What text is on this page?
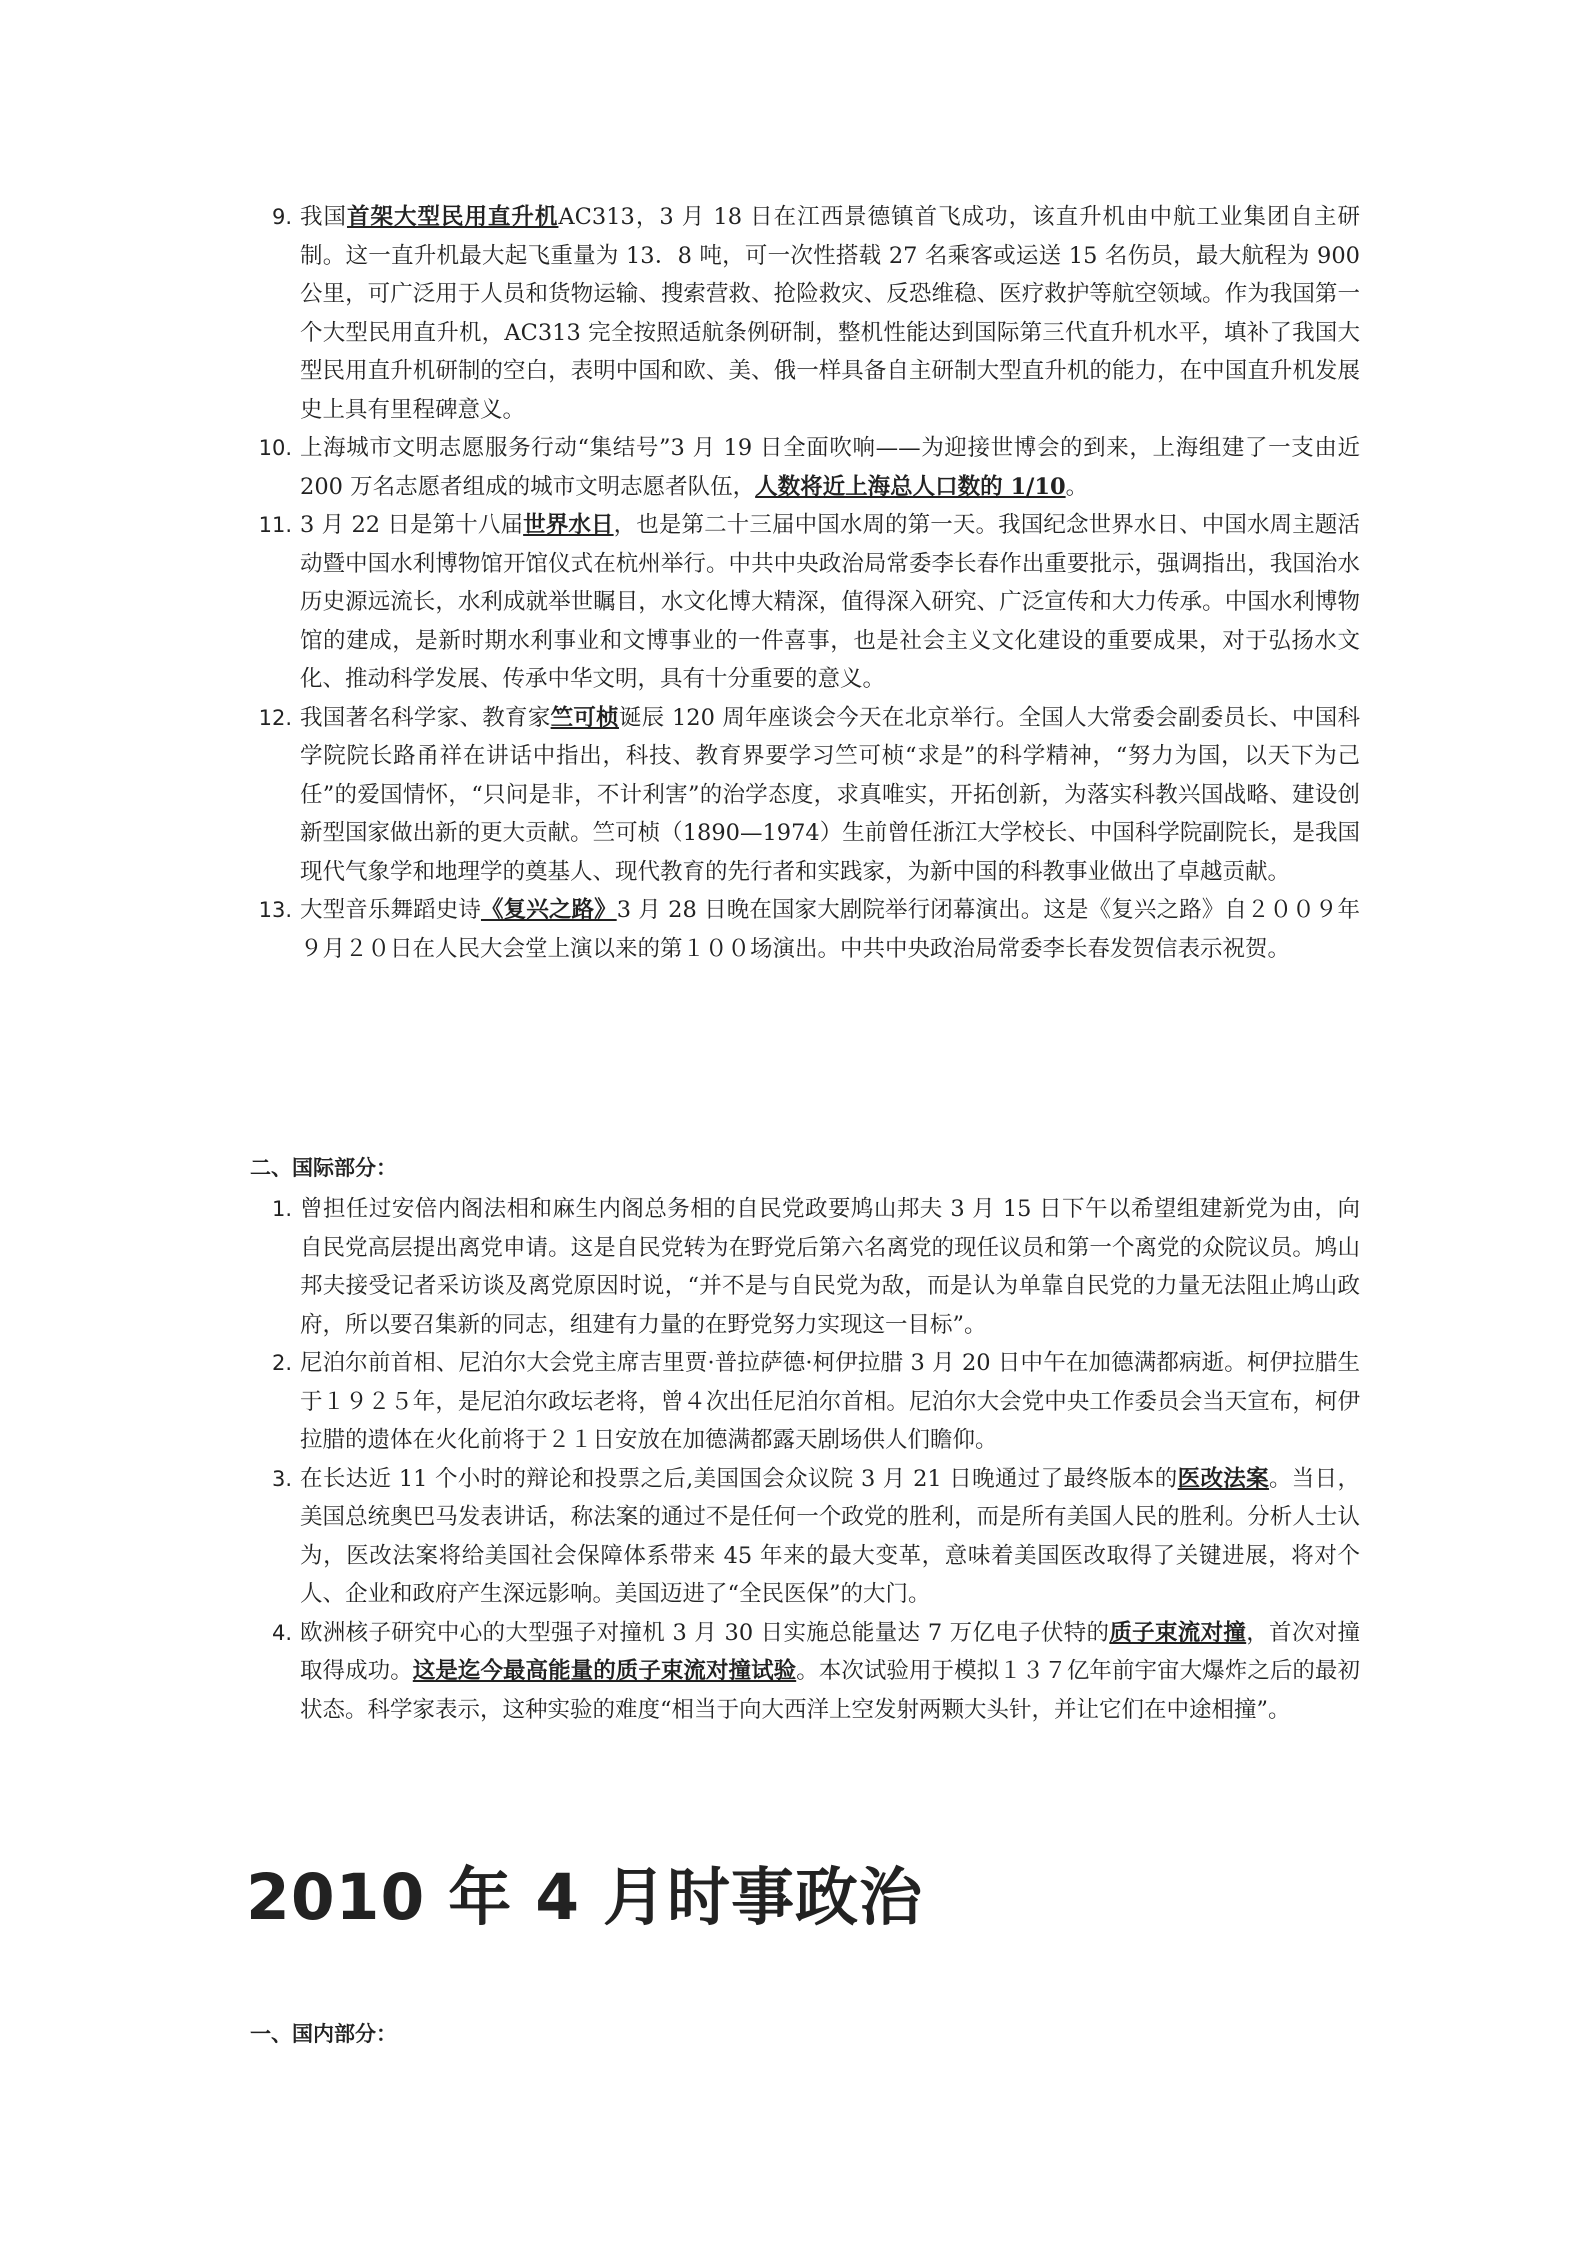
9. 我国首架大型民用直升机AC313，3 月 18 日在江西景德镇首飞成功，该直升机由中航工业集团自主研制。这一直升机最大起飞重量为 13．8 吨，可一次性搭载 27 名乘客或运送 15 名伤员，最大航程为 900 公里，可广泛用于人员和货物运输、搜索营救、抢险救灾、反恐维稳、医疗救护等航空领域。作为我国第一个大型民用直升机，AC313 完全按照适航条例研制，整机性能达到国际第三代直升机水平，填补了我国大型民用直升机研制的空白，表明中国和欧、美、俄一样具备自主研制大型直升机的能力，在中国直升机发展史上具有里程碑意义。
10. 上海城市文明志愿服务行动“集结号”3 月 19 日全面吹响——为迎接世博会的到来，上海组建了一支由近 200 万名志愿者组成的城市文明志愿者队伍，人数将近上海总人口数的 1/10。
11. 3 月 22 日是第十八届世界水日，也是第二十三届中国水周的第一天。我国纪念世界水日、中国水周主题活动暨中国水利博物馆开馆仪式在杭州举行。中共中央政治局常委李长春作出重要批示，强调指出，我国治水历史源远流长，水利成就举世瞩目，水文化博大精深，值得深入研究、广泛宣传和大力传承。中国水利博物馆的建成，是新时期水利事业和文博事业的一件喜事，也是社会主义文化建设的重要成果，对于弘扬水文化、推动科学发展、传承中华文明，具有十分重要的意义。
12. 我国著名科学家、教育家竺可桢诞辰 120 周年座谈会今天在北京举行。全国人大常委会副委员长、中国科学院院长路甬祥在讲话中指出，科技、教育界要学习竺可桢“求是”的科学精神，“努力为国，以天下为己任”的爱国情怀，“只问是非，不计利害”的治学态度，求真唯实，开拓创新，为落实科教兴国战略、建设创新型国家做出新的更大贡献。竺可桢（1890—1974）生前曾任浙江大学校长、中国科学院副院长，是我国现代气象学和地理学的奠基人、现代教育的先行者和实践家，为新中国的科教事业做出了卓越贡献。
13. 大型音乐舞蹈史诗《复兴之路》3 月 28 日晚在国家大剧院举行闭幕演出。这是《复兴之路》自２００９年９月２０日在人民大会堂上演以来的第１００场演出。中共中央政治局常委李长春发贺信表示祝贺。
二、国际部分：
1. 曾担任过安倍内阁法相和麻生内阁总务相的自民党政要鸠山邦夫 3 月 15 日下午以希望组建新党为由，向自民党高层提出离党申请。这是自民党转为在野党后第六名离党的现任议员和第一个离党的众院议员。鸠山邦夫接受记者采访谈及离党原因时说，“并不是与自民党为敌，而是认为单靠自民党的力量无法阻止鸠山政府，所以要召集新的同志，组建有力量的在野党努力实现这一目标”。
2. 尼泊尔前首相、尼泊尔大会党主席吉里贾·普拉萨德·柯伊拉腊 3 月 20 日中午在加德满都病逝。柯伊拉腊生于１９２５年，是尼泊尔政坛老将，曾４次出任尼泊尔首相。尼泊尔大会党中央工作委员会当天宣布，柯伊拉腊的遗体在火化前将于２１日安放在加德满都露天剧场供人们瞻仰。
3. 在长达近 11 个小时的辩论和投票之后,美国国会众议院 3 月 21 日晚通过了最终版本的医改法案。当日，美国总统奥巴马发表讲话，称法案的通过不是任何一个政党的胜利，而是所有美国人民的胜利。分析人士认为，医改法案将给美国社会保障体系带来 45 年来的最大变革，意味着美国医改取得了关键进展，将对个人、企业和政府产生深远影响。美国迈进了“全民医保”的大门。
4. 欧洲核子研究中心的大型强子对撞机 3 月 30 日实施总能量达 7 万亿电子伏特的质子束流对撞，首次对撞取得成功。这是迄今最高能量的质子束流对撞试验。本次试验用于模拟１３７亿年前宇宙大爆炸之后的最初状态。科学家表示，这种实验的难度“相当于向大西洋上空发射两颗大头针，并让它们在中途相撞”。
2010 年 4 月时事政治
一、国内部分：
